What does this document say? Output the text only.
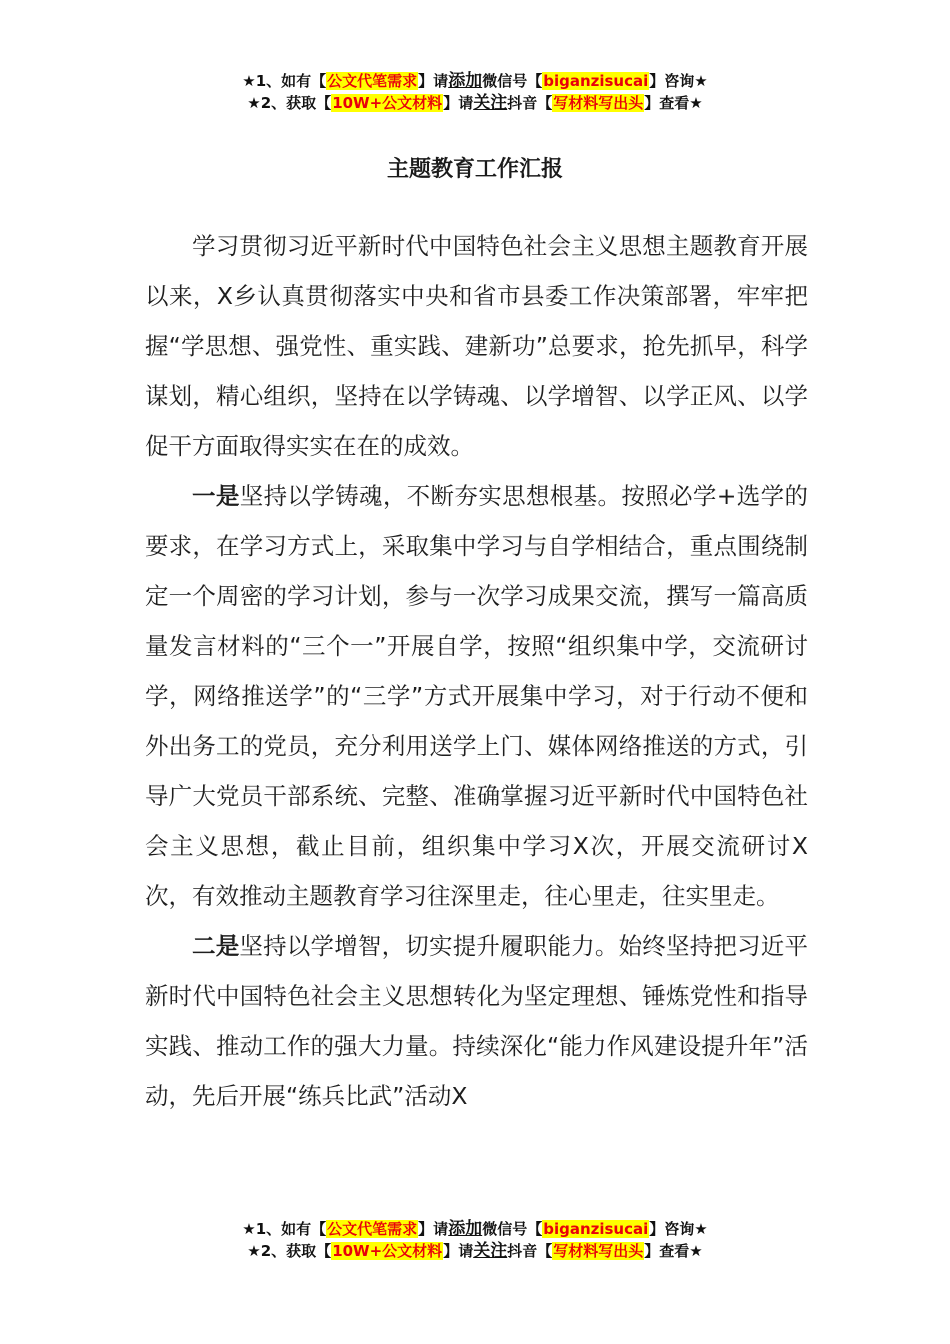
★1、如有【公文代笔需求】请添加微信号【biganzisucai】咨询★
★2、获取【10W+公文材料】请关注抖音【写材料写出头】查看★
主题教育工作汇报

学习贯彻习近平新时代中国特色社会主义思想主题教育开展以来，X乡认真贯彻落实中央和省市县委工作决策部署，牢牢把握“学思想、强党性、重实践、建新功”总要求，抢先抓早，科学谋划，精心组织，坚持在以学铸魂、以学增智、以学正风、以学促干方面取得实实在在的成效。

一是坚持以学铸魂，不断夯实思想根基。按照必学+选学的要求，在学习方式上，采取集中学习与自学相结合，重点围绕制定一个周密的学习计划，参与一次学习成果交流，撰写一篇高质量发言材料的“三个一”开展自学，按照“组织集中学，交流研讨学，网络推送学”的“三学”方式开展集中学习，对于行动不便和外出务工的党员，充分利用送学上门、媒体网络推送的方式，引导广大党员干部系统、完整、准确掌握习近平新时代中国特色社会主义思想，截止目前，组织集中学习X次，开展交流研讨X次，有效推动主题教育学习往深里走，往心里走，往实里走。

二是坚持以学增智，切实提升履职能力。始终坚持把习近平新时代中国特色社会主义思想转化为坚定理想、锤炼党性和指导实践、推动工作的强大力量。持续深化“能力作风建设提升年”活动，先后开展“练兵比武”活动X

★1、如有【公文代笔需求】请添加微信号【biganzisucai】咨询★
★2、获取【10W+公文材料】请关注抖音【写材料写出头】查看★
